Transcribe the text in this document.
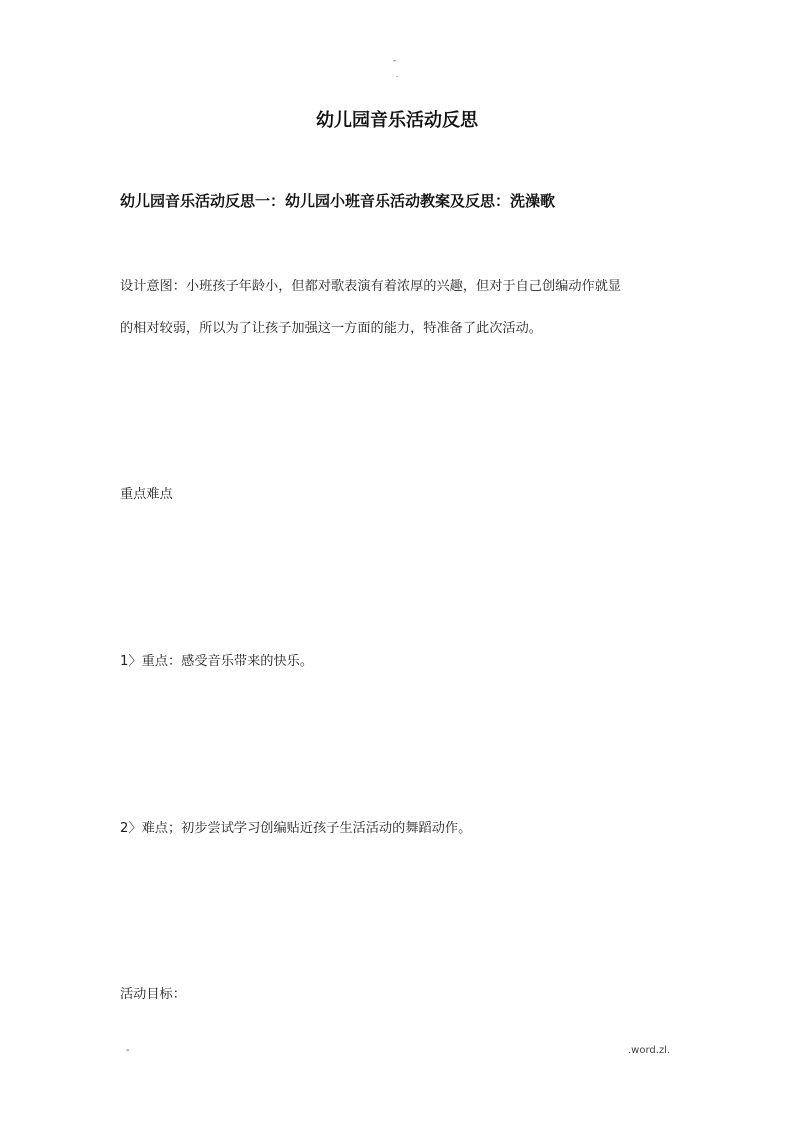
-
.
幼儿园音乐活动反思
幼儿园音乐活动反思一：幼儿园小班音乐活动教案及反思：洗澡歌
设计意图：小班孩子年龄小，但都对歌表演有着浓厚的兴趣，但对于自己创编动作就显
的相对较弱，所以为了让孩子加强这一方面的能力，特准备了此次活动。
重点难点
1〉重点：感受音乐带来的快乐。
2〉难点；初步尝试学习创编贴近孩子生活活动的舞蹈动作。
活动目标：
-	.word.zl.
